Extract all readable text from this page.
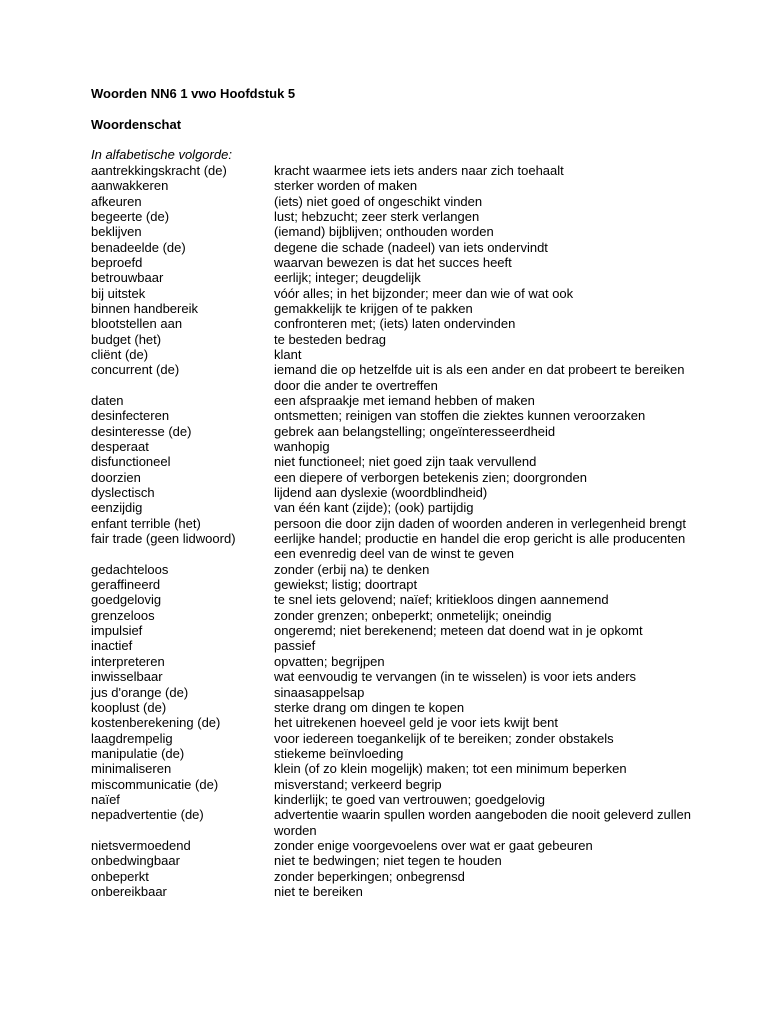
Woorden NN6 1 vwo Hoofdstuk 5
Woordenschat
In alfabetische volgorde:
aantrekkingskracht (de)	kracht waarmee iets iets anders naar zich toehaalt
aanwakkeren	sterker worden of maken
afkeuren	(iets) niet goed of ongeschikt vinden
begeerte (de)	lust; hebzucht; zeer sterk verlangen
beklijven	(iemand) bijblijven; onthouden worden
benadeelde (de)	degene die schade (nadeel) van iets ondervindt
beproefd	waarvan bewezen is dat het succes heeft
betrouwbaar	eerlijk; integer; deugdelijk
bij uitstek	vóór alles; in het bijzonder; meer dan wie of wat ook
binnen handbereik	gemakkelijk te krijgen of te pakken
blootstellen aan	confronteren met; (iets) laten ondervinden
budget (het)	te besteden bedrag
cliënt (de)	klant
concurrent (de)	iemand die op hetzelfde uit is als een ander en dat probeert te bereiken door die ander te overtreffen
daten	een afspraakje met iemand hebben of maken
desinfecteren	ontsmetten; reinigen van stoffen die ziektes kunnen veroorzaken
desinteresse (de)	gebrek aan belangstelling; ongeïnteresseerdheid
desperaat	wanhopig
disfunctioneel	niet functioneel; niet goed zijn taak vervullend
doorzien	een diepere of verborgen betekenis zien; doorgronden
dyslectisch	lijdend aan dyslexie (woordblindheid)
eenzijdig	van één kant (zijde); (ook) partijdig
enfant terrible (het)	persoon die door zijn daden of woorden anderen in verlegenheid brengt
fair trade (geen lidwoord)	eerlijke handel; productie en handel die erop gericht is alle producenten een evenredig deel van de winst te geven
gedachteloos	zonder (erbij na) te denken
geraffineerd	gewiekst; listig; doortrapt
goedgelovig	te snel iets gelovend; naïef; kritiekloos dingen aannemend
grenzeloos	zonder grenzen; onbeperkt; onmetelijk; oneindig
impulsief	ongeremd; niet berekenend; meteen dat doend wat in je opkomt
inactief	passief
interpreteren	opvatten; begrijpen
inwisselbaar	wat eenvoudig te vervangen (in te wisselen) is voor iets anders
jus d'orange (de)	sinaasappelsap
kooplust (de)	sterke drang om dingen te kopen
kostenberekening (de)	het uitrekenen hoeveel geld je voor iets kwijt bent
laagdrempelig	voor iedereen toegankelijk of te bereiken; zonder obstakels
manipulatie (de)	stiekeme beïnvloeding
minimaliseren	klein (of zo klein mogelijk) maken; tot een minimum beperken
miscommunicatie (de)	misverstand; verkeerd begrip
naïef	kinderlijk; te goed van vertrouwen; goedgelovig
nepadvertentie (de)	advertentie waarin spullen worden aangeboden die nooit geleverd zullen worden
nietsvermoedend	zonder enige voorgevoelens over wat er gaat gebeuren
onbedwingbaar	niet te bedwingen; niet tegen te houden
onbeperkt	zonder beperkingen; onbegrensd
onbereikbaar	niet te bereiken
